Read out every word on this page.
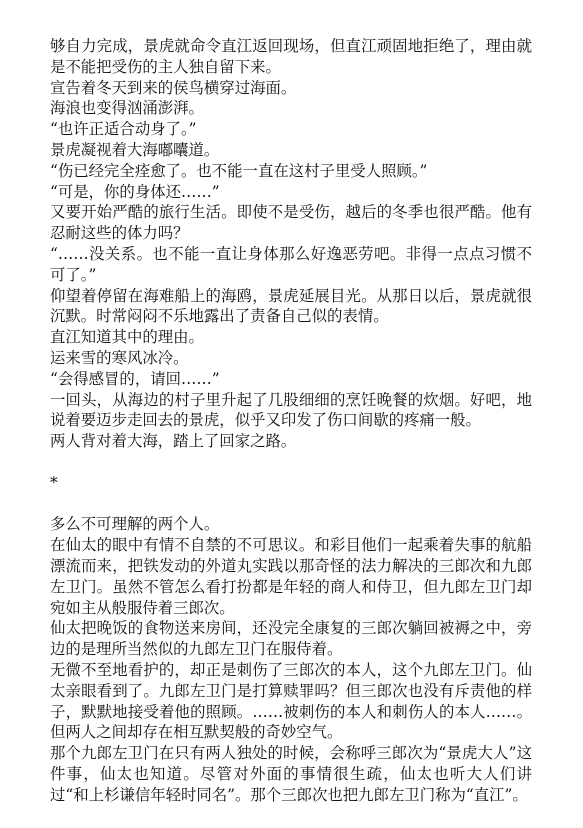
够自力完成，景虎就命令直江返回现场，但直江顽固地拒绝了，理由就是不能把受伤的主人独自留下来。

宣告着冬天到来的侯鸟横穿过海面。

海浪也变得汹涌澎湃。

“也许正适合动身了。”

景虎凝视着大海嘟囔道。

“伤已经完全痊愈了。也不能一直在这村子里受人照顾。”

“可是，你的身体还……”

又要开始严酷的旅行生活。即使不是受伤，越后的冬季也很严酷。他有忍耐这些的体力吗？

“……没关系。也不能一直让身体那么好逸恶劳吧。非得一点点习惯不可了。”

仰望着停留在海难船上的海鸥，景虎延展目光。从那日以后，景虎就很沉默。时常闷闷不乐地露出了责备自己似的表情。

直江知道其中的理由。

运来雪的寒风冰冷。

“会得感冒的，请回……”

一回头，从海边的村子里升起了几股细细的烹饪晚餐的炊烟。好吧，地说着要迈步走回去的景虎，似乎又印发了伤口间歇的疼痛一般。

两人背对着大海，踏上了回家之路。

*

多么不可理解的两个人。

在仙太的眼中有情不自禁的不可思议。和彩目他们一起乘着失事的航船漂流而来，把铁发动的外道丸实践以那奇怪的法力解决的三郎次和九郎左卫门。虽然不管怎么看打扮都是年轻的商人和侍卫，但九郎左卫门却宛如主从般服侍着三郎次。

仙太把晚饭的食物送来房间，还没完全康复的三郎次躺回被褥之中，旁边的是理所当然似的九郎左卫门在服侍着。

无微不至地看护的，却正是刺伤了三郎次的本人，这个九郎左卫门。仙太亲眼看到了。九郎左卫门是打算赎罪吗？但三郎次也没有斥责他的样子，默默地接受着他的照顾。……被刺伤的本人和刺伤人的本人……。但两人之间却存在相互默契般的奇妙空气。

那个九郎左卫门在只有两人独处的时候，会称呼三郎次为“景虎大人”这件事，仙太也知道。尽管对外面的事情很生疏，仙太也听大人们讲过“和上杉谦信年轻时同名”。那个三郎次也把九郎左卫门称为“直江”。
